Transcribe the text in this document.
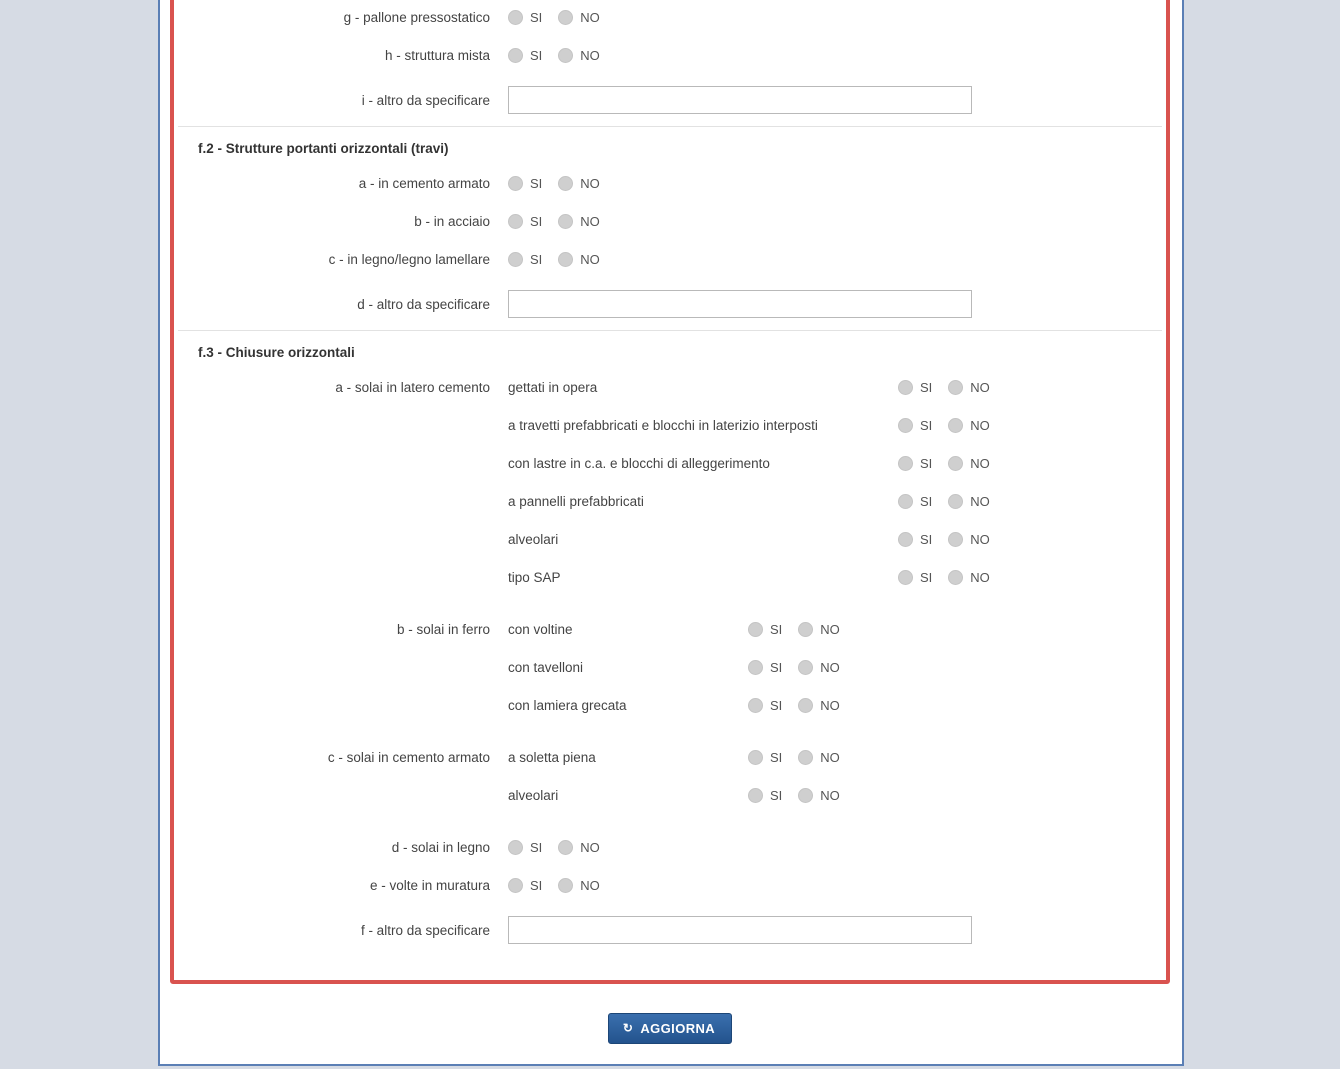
g - pallone pressostatico	SI	NO
h - struttura mista	SI	NO
i - altro da specificare
f.2 - Strutture portanti orizzontali (travi)
a - in cemento armato	SI	NO
b - in acciaio	SI	NO
c - in legno/legno lamellare	SI	NO
d - altro da specificare
f.3 - Chiusure orizzontali
a - solai in latero cemento	gettati in opera	SI	NO
a travetti prefabbricati e blocchi in laterizio interposti	SI	NO
con lastre in c.a. e blocchi di alleggerimento	SI	NO
a pannelli prefabbricati	SI	NO
alveolari	SI	NO
tipo SAP	SI	NO
b - solai in ferro	con voltine	SI	NO
con tavelloni	SI	NO
con lamiera grecata	SI	NO
c - solai in cemento armato	a soletta piena	SI	NO
alveolari	SI	NO
d - solai in legno	SI	NO
e - volte in muratura	SI	NO
f - altro da specificare
↻ AGGIORNA
